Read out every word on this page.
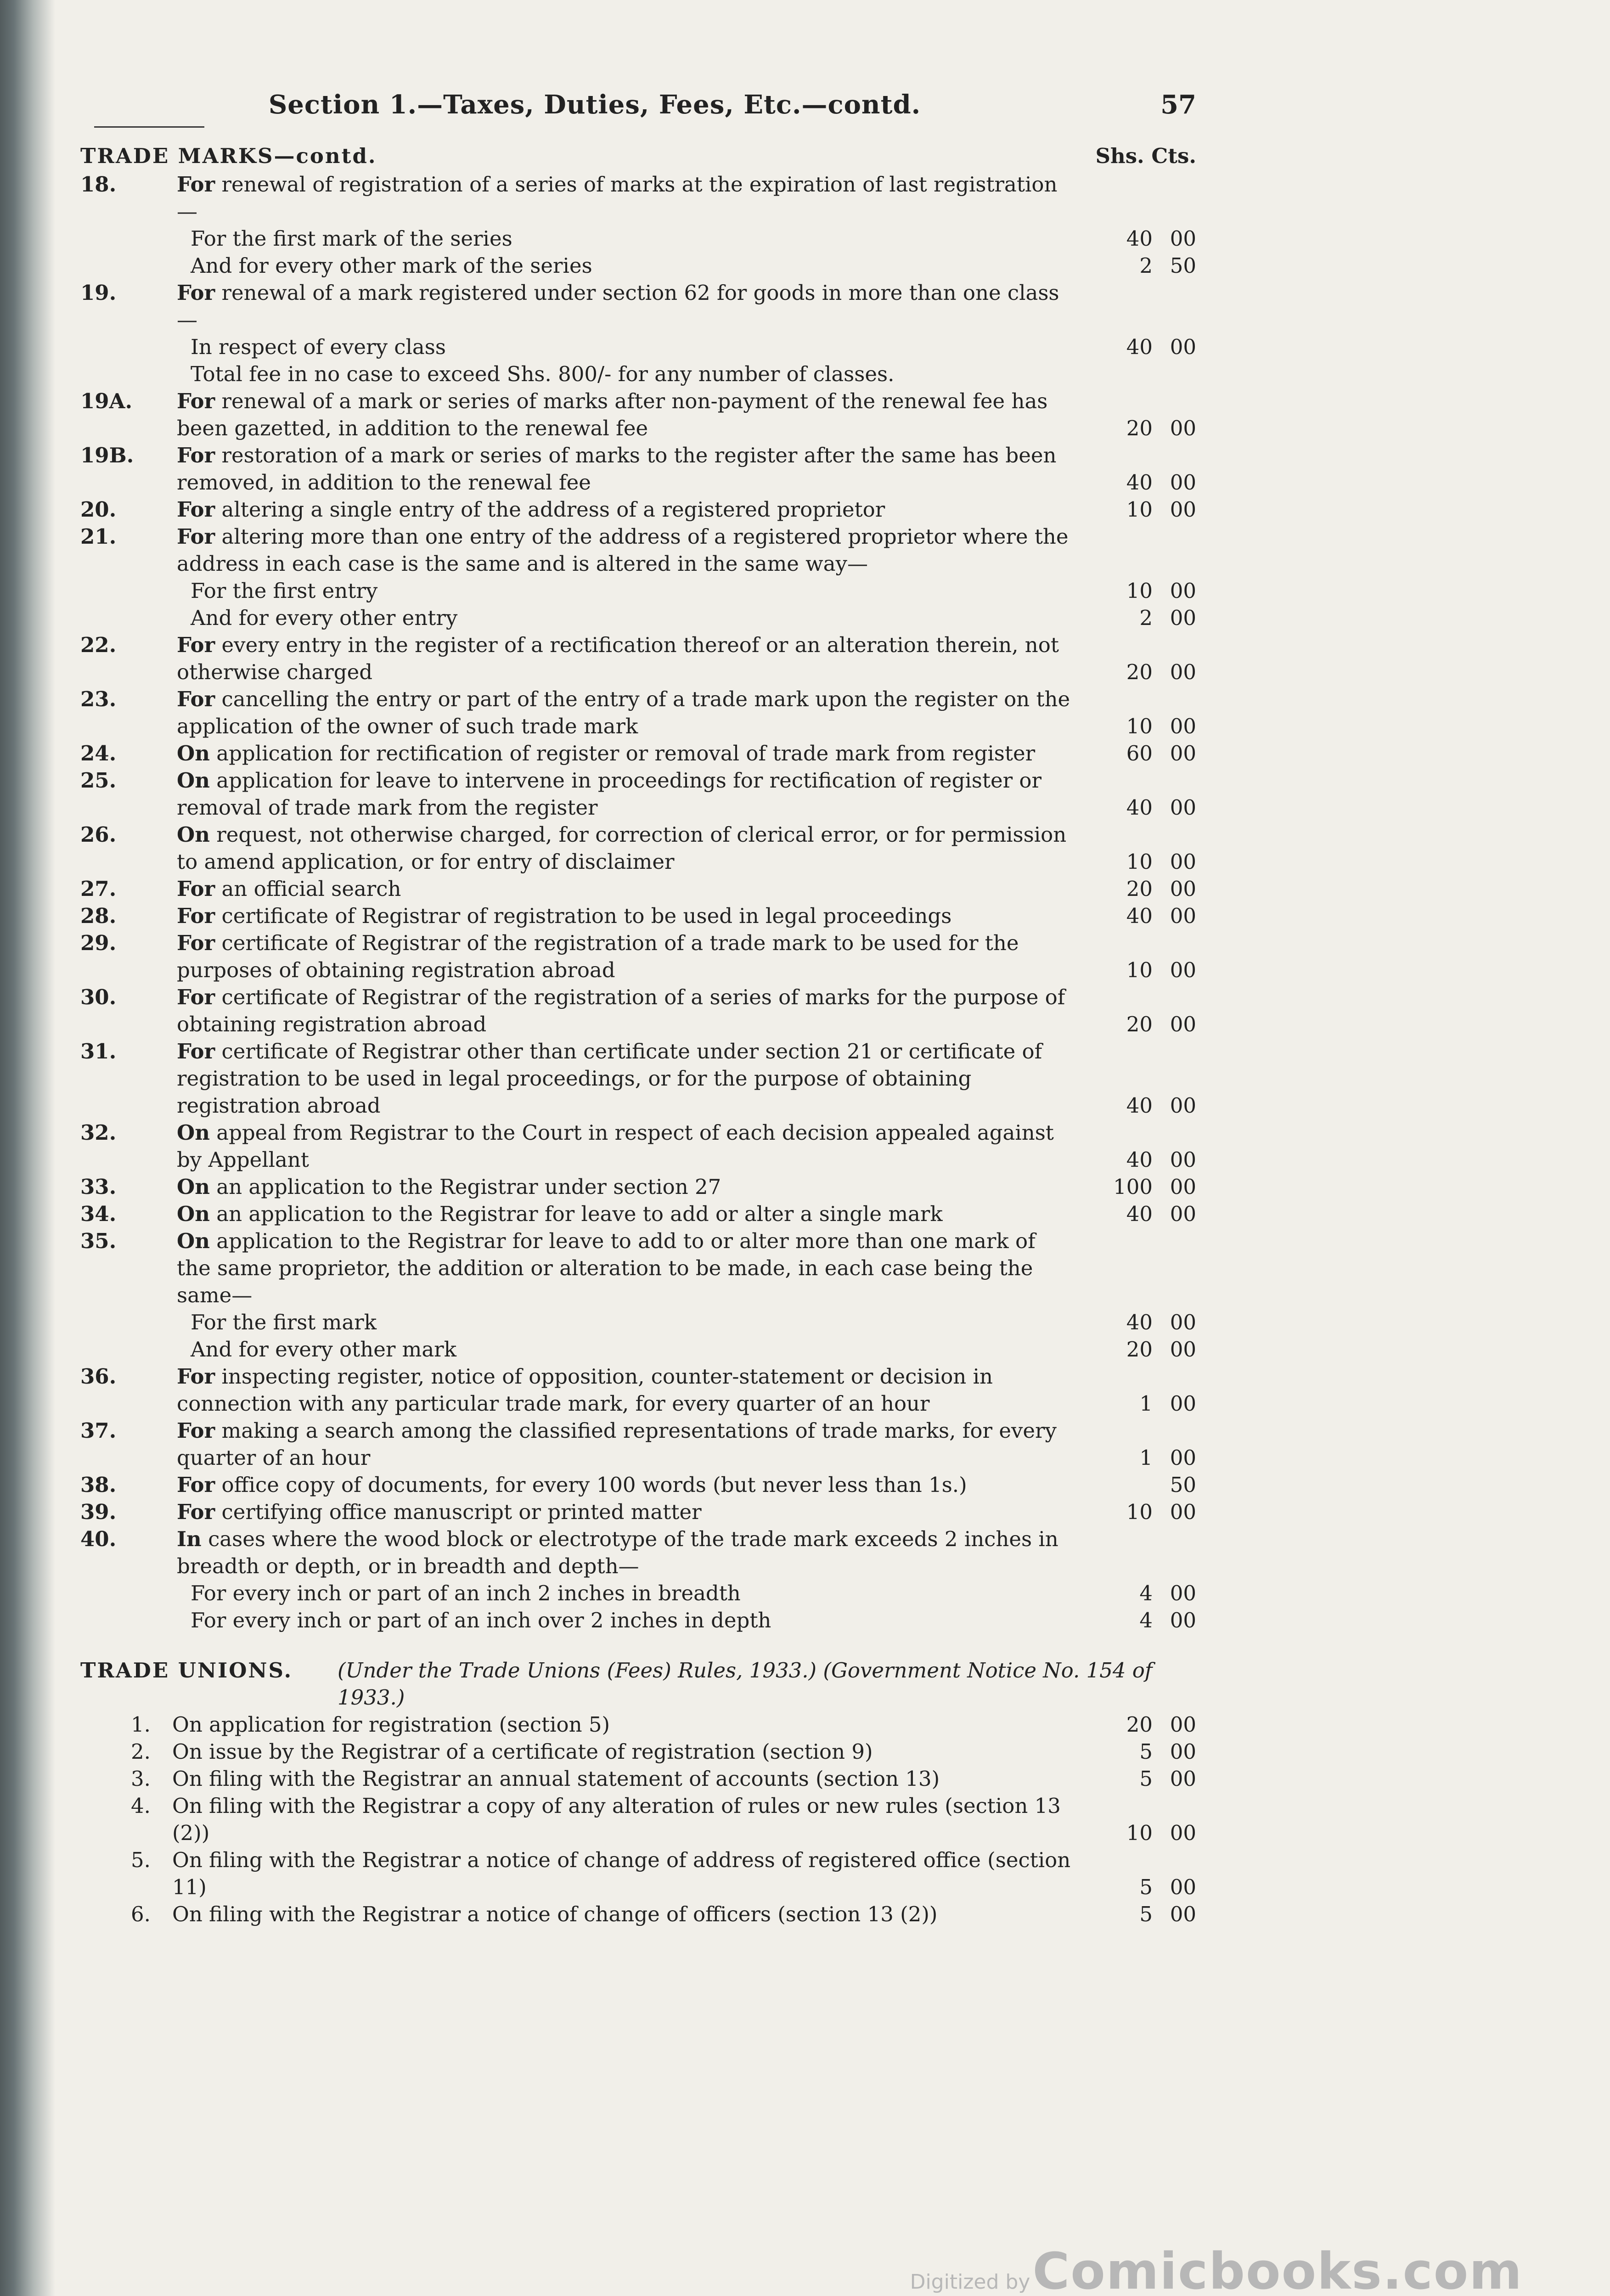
Section 1.—Taxes, Duties, Fees, Etc.—contd.	57
TRADE MARKS—contd.	Shs. Cts.
18.	For renewal of registration of a series of marks at the expiration of last registration—
For the first mark of the series	40 00
And for every other mark of the series	2 50
19.	For renewal of a mark registered under section 62 for goods in more than one class—
In respect of every class	40 00
Total fee in no case to exceed Shs. 800/- for any number of classes.
19A.	For renewal of a mark or series of marks after non-payment of the renewal fee has been gazetted, in addition to the renewal fee	20 00
19B.	For restoration of a mark or series of marks to the register after the same has been removed, in addition to the renewal fee	40 00
20.	For altering a single entry of the address of a registered proprietor	10 00
21.	For altering more than one entry of the address of a registered proprietor where the address in each case is the same and is altered in the same way—
For the first entry	10 00
And for every other entry	2 00
22.	For every entry in the register of a rectification thereof or an alteration therein, not otherwise charged	20 00
23.	For cancelling the entry or part of the entry of a trade mark upon the register on the application of the owner of such trade mark	10 00
24.	On application for rectification of register or removal of trade mark from register	60 00
25.	On application for leave to intervene in proceedings for rectification of register or removal of trade mark from the register	40 00
26.	On request, not otherwise charged, for correction of clerical error, or for permission to amend application, or for entry of disclaimer	10 00
27.	For an official search	20 00
28.	For certificate of Registrar of registration to be used in legal proceedings	40 00
29.	For certificate of Registrar of the registration of a trade mark to be used for the purposes of obtaining registration abroad	10 00
30.	For certificate of Registrar of the registration of a series of marks for the purpose of obtaining registration abroad	20 00
31.	For certificate of Registrar other than certificate under section 21 or certificate of registration to be used in legal proceedings, or for the purpose of obtaining registration abroad	40 00
32.	On appeal from Registrar to the Court in respect of each decision appealed against by Appellant	40 00
33.	On an application to the Registrar under section 27	100 00
34.	On an application to the Registrar for leave to add or alter a single mark	40 00
35.	On application to the Registrar for leave to add to or alter more than one mark of the same proprietor, the addition or alteration to be made, in each case being the same—
For the first mark	40 00
And for every other mark	20 00
36.	For inspecting register, notice of opposition, counter-statement or decision in connection with any particular trade mark, for every quarter of an hour	1 00
37.	For making a search among the classified representations of trade marks, for every quarter of an hour	1 00
38.	For office copy of documents, for every 100 words (but never less than 1s.)	50
39.	For certifying office manuscript or printed matter	10 00
40.	In cases where the wood block or electrotype of the trade mark exceeds 2 inches in breadth or depth, or in breadth and depth—
For every inch or part of an inch 2 inches in breadth	4 00
For every inch or part of an inch over 2 inches in depth	4 00
TRADE UNIONS.	(Under the Trade Unions (Fees) Rules, 1933.) (Government Notice No. 154 of 1933.)
1.	On application for registration (section 5)	20 00
2.	On issue by the Registrar of a certificate of registration (section 9)	5 00
3.	On filing with the Registrar an annual statement of accounts (section 13)	5 00
4.	On filing with the Registrar a copy of any alteration of rules or new rules (section 13 (2))	10 00
5.	On filing with the Registrar a notice of change of address of registered office (section 11)	5 00
6.	On filing with the Registrar a notice of change of officers (section 13 (2))	5 00
Digitized by Comicbooks.com
